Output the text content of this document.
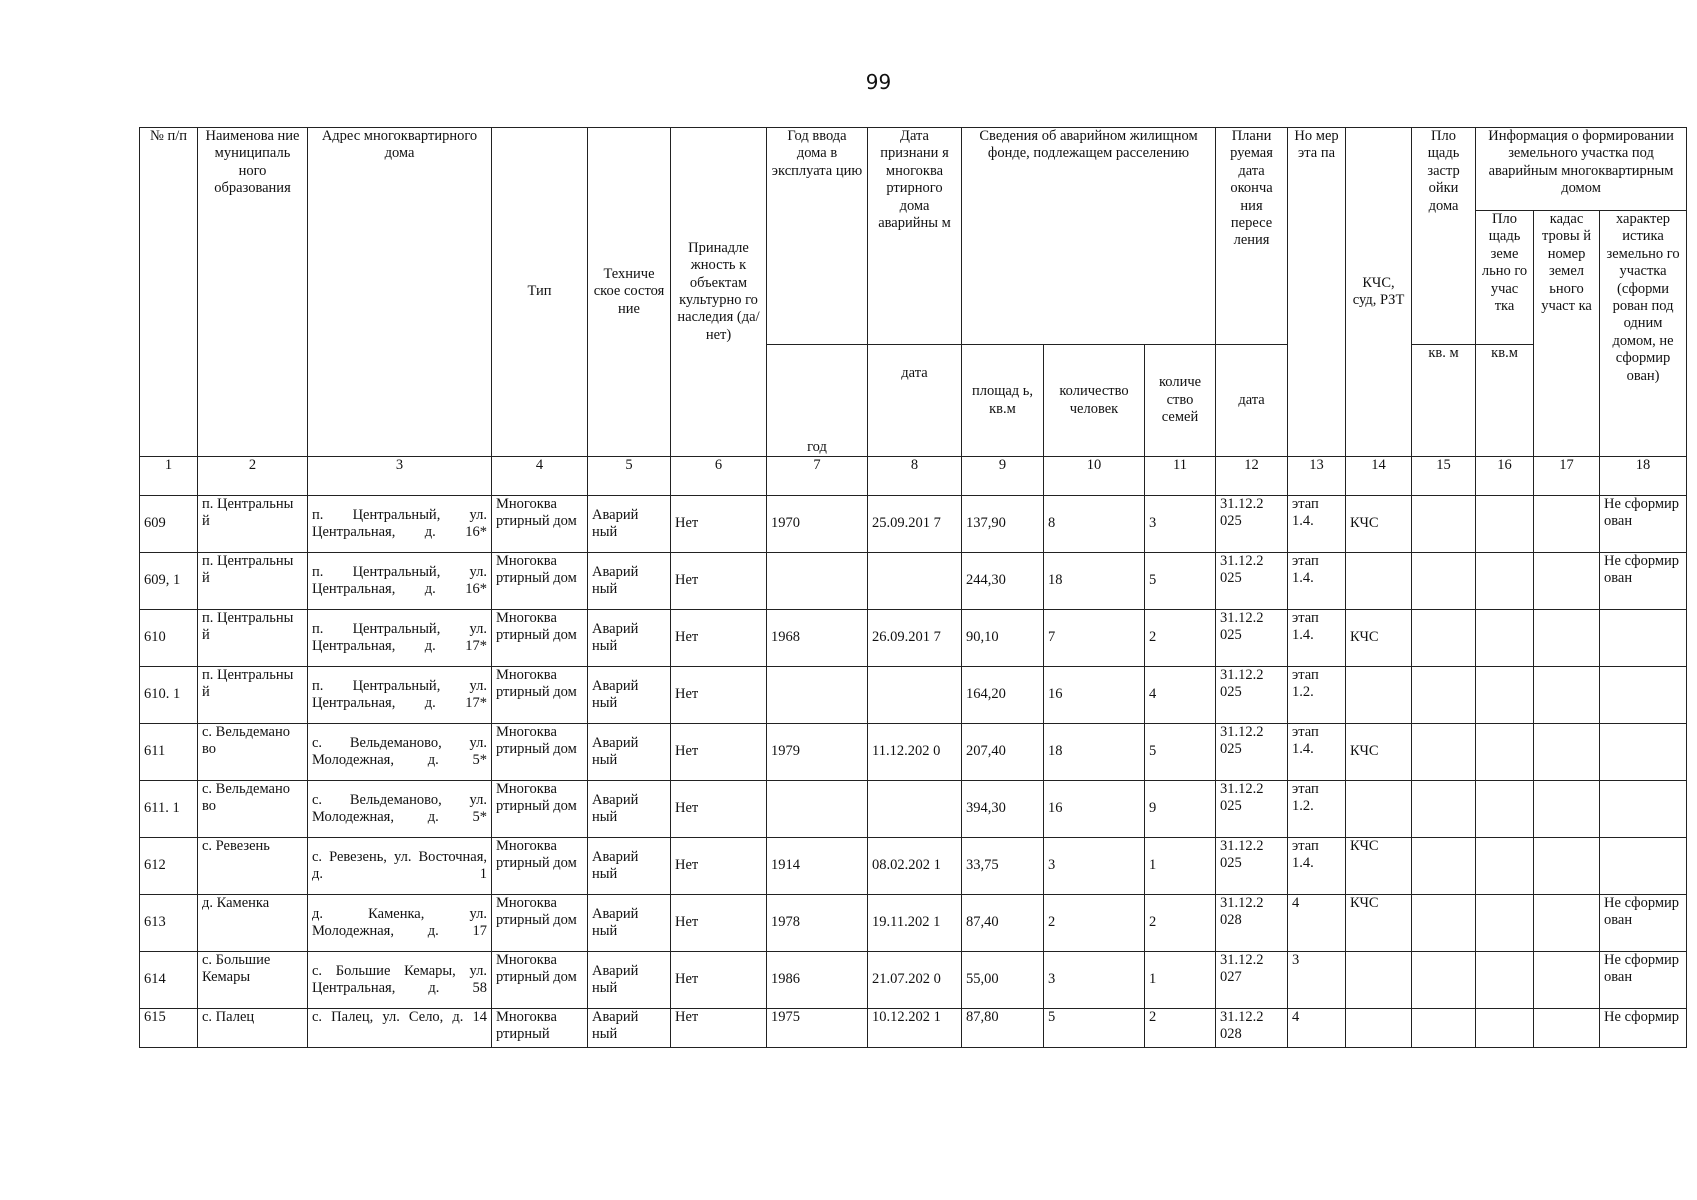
99
№ п/п	Наименова ние муниципаль ного образования	Адрес многоквартирного дома	Тип	Техниче ское состоя ние	Принадле жность к объектам культурно го наследия (да/нет)	Год ввода дома в эксплуата цию	Дата признани я многоква ртирного дома аварийны м	Сведения об аварийном жилищном фонде, подлежащем расселению			Плани руемая дата оконча ния пересе ления	Но мер эта па	КЧС, суд, РЗТ	Пло щадь застр ойки дома	Информация о формировании земельного участка под аварийным многоквартирным домом		
															Пло щадь земе льно го учас тка	кадас тровы й номер земел ьного участ ка	характер истика земельно го участка (сформи рован под одним домом, не сформир ован)
						год	дата	площад ь, кв.м	количество человек	количе ство семей	дата			кв. м	кв.м		
1	2	3	4	5	6	7	8	9	10	11	12	13	14	15	16	17	18
609	п. Центральны й	п. Центральный, ул. Центральная, д. 16*	Многоква ртирный дом	Аварий ный	Нет	1970	25.09.201 7	137,90	8	3	31.12.2 025	этап 1.4.	КЧС				Не сформир ован
609, 1	п. Центральны й	п. Центральный, ул. Центральная, д. 16*	Многоква ртирный дом	Аварий ный	Нет			244,30	18	5	31.12.2 025	этап 1.4.					Не сформир ован
610	п. Центральны й	п. Центральный, ул. Центральная, д. 17*	Многоква ртирный дом	Аварий ный	Нет	1968	26.09.201 7	90,10	7	2	31.12.2 025	этап 1.4.	КЧС				
610. 1	п. Центральны й	п. Центральный, ул. Центральная, д. 17*	Многоква ртирный дом	Аварий ный	Нет			164,20	16	4	31.12.2 025	этап 1.2.					
611	с. Вельдемано во	с. Вельдеманово, ул. Молодежная, д. 5*	Многоква ртирный дом	Аварий ный	Нет	1979	11.12.202 0	207,40	18	5	31.12.2 025	этап 1.4.	КЧС				
611. 1	с. Вельдемано во	с. Вельдеманово, ул. Молодежная, д. 5*	Многоква ртирный дом	Аварий ный	Нет			394,30	16	9	31.12.2 025	этап 1.2.					
612	с. Ревезень	с. Ревезень, ул. Восточная, д. 1	Многоква ртирный дом	Аварий ный	Нет	1914	08.02.202 1	33,75	3	1	31.12.2 025	этап 1.4.	КЧС				
613	д. Каменка	д. Каменка, ул. Молодежная, д. 17	Многоква ртирный дом	Аварий ный	Нет	1978	19.11.202 1	87,40	2	2	31.12.2 028	4	КЧС				Не сформир ован
614	с. Большие Кемары	с. Большие Кемары, ул. Центральная, д. 58	Многоква ртирный дом	Аварий ный	Нет	1986	21.07.202 0	55,00	3	1	31.12.2 027	3					Не сформир ован
615	с. Палец	с. Палец, ул. Село, д. 14	Многоква ртирный	Аварий ный	Нет	1975	10.12.202 1	87,80	5	2	31.12.2 028	4					Не сформир
